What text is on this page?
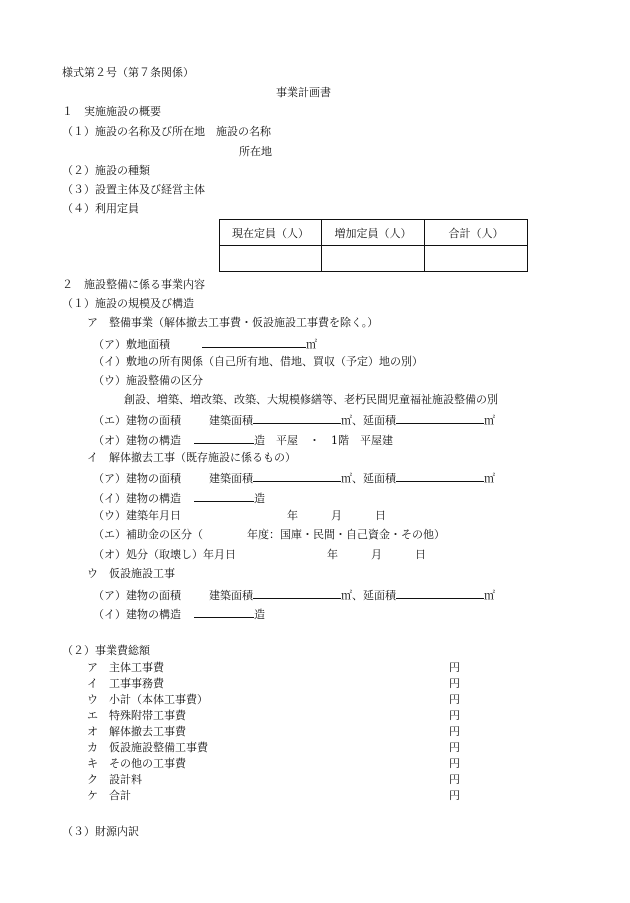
様式第２号（第７条関係）
事業計画書
１　実施施設の概要
（１）施設の名称及び所在地　 施設の名称
所在地
（２）施設の種類
（３）設置主体及び経営主体
（４）利用定員
現在定員（人）	増加定員（人）	合計（人）

２　施設整備に係る事業内容
（１）施設の規模及び構造
ア　整備事業（解体撤去工事費・仮設施設工事費を除く。）
（ア）敷地面積	㎡
（イ）敷地の所有関係（自己所有地、借地、買収（予定）地の別）
（ウ）施設整備の区分
創設、増築、増改築、改築、大規模修繕等、老朽民間児童福祉施設整備の別
（エ）建物の面積	建築面積	㎡、延面積	㎡
（オ）建物の構造	造　平屋　・　1階　平屋建
イ　解体撤去工事（既存施設に係るもの）
（ア）建物の面積	建築面積	㎡、延面積	㎡
（イ）建物の構造	造
（ウ）建築年月日	年　　　月　　　日
（エ）補助金の区分（　　　　年度：国庫・民間・自己資金・その他）
（オ）処分（取壊し）年月日	年　　　月　　　日
ウ　仮設施設工事
（ア）建物の面積	建築面積	㎡、延面積	㎡
（イ）建物の構造	造
（２）事業費総額
ア　主体工事費	円
イ　工事事務費	円
ウ　小計（本体工事費）	円
エ　特殊附帯工事費	円
オ　解体撤去工事費	円
カ　仮設施設整備工事費	円
キ　その他の工事費	円
ク　設計料	円
ケ　合計	円
（３）財源内訳
